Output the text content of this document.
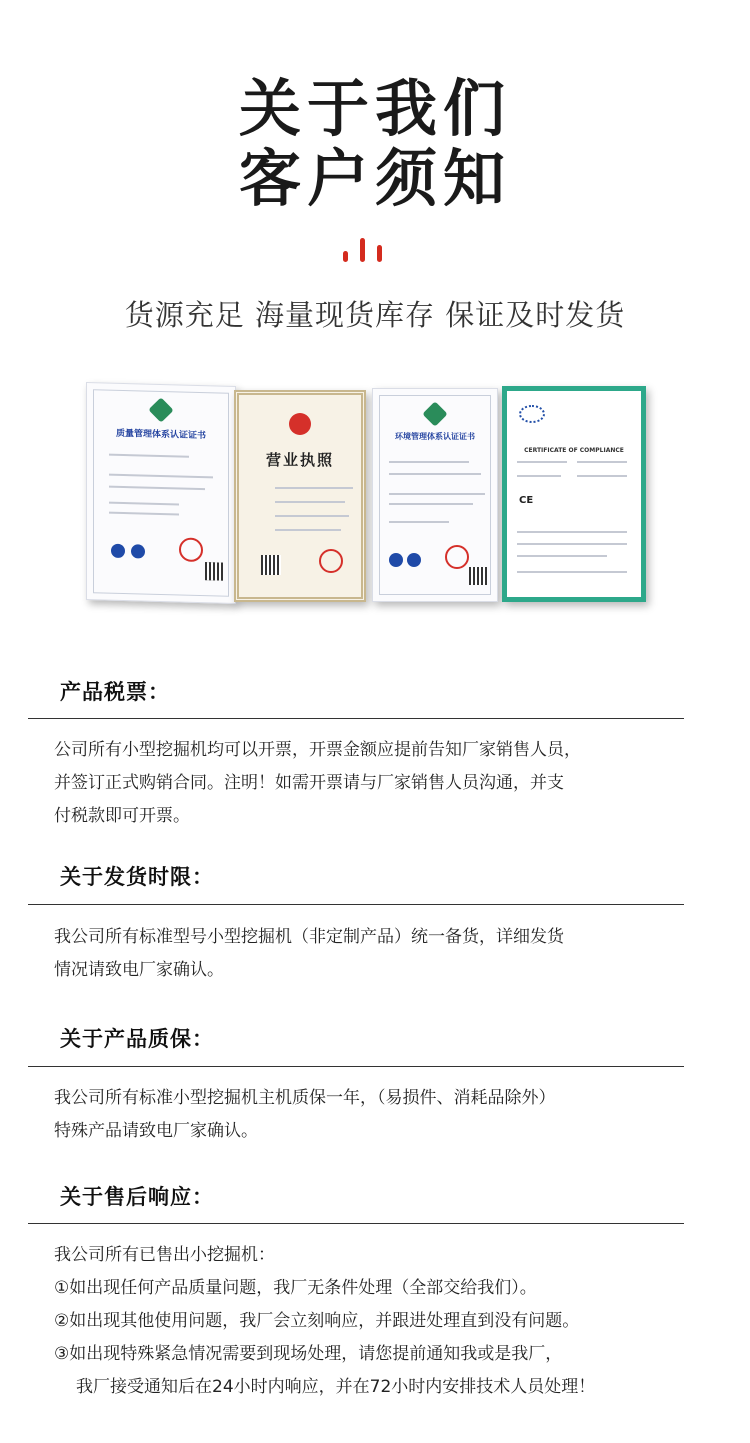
关于我们
客户须知
货源充足 海量现货库存 保证及时发货
质量管理体系认证证书
营业执照
环境管理体系认证证书
CERTIFICATE OF COMPLIANCE
CE
产品税票：
公司所有小型挖掘机均可以开票，开票金额应提前告知厂家销售人员，
并签订正式购销合同。注明！如需开票请与厂家销售人员沟通，并支
付税款即可开票。
关于发货时限：
我公司所有标准型号小型挖掘机（非定制产品）统一备货，详细发货
情况请致电厂家确认。
关于产品质保：
我公司所有标准小型挖掘机主机质保一年，（易损件、消耗品除外）
特殊产品请致电厂家确认。
关于售后响应：
我公司所有已售出小挖掘机：
①如出现任何产品质量问题，我厂无条件处理（全部交给我们）。
②如出现其他使用问题，我厂会立刻响应，并跟进处理直到没有问题。
③如出现特殊紧急情况需要到现场处理，请您提前通知我或是我厂，
我厂接受通知后在24小时内响应，并在72小时内安排技术人员处理！
